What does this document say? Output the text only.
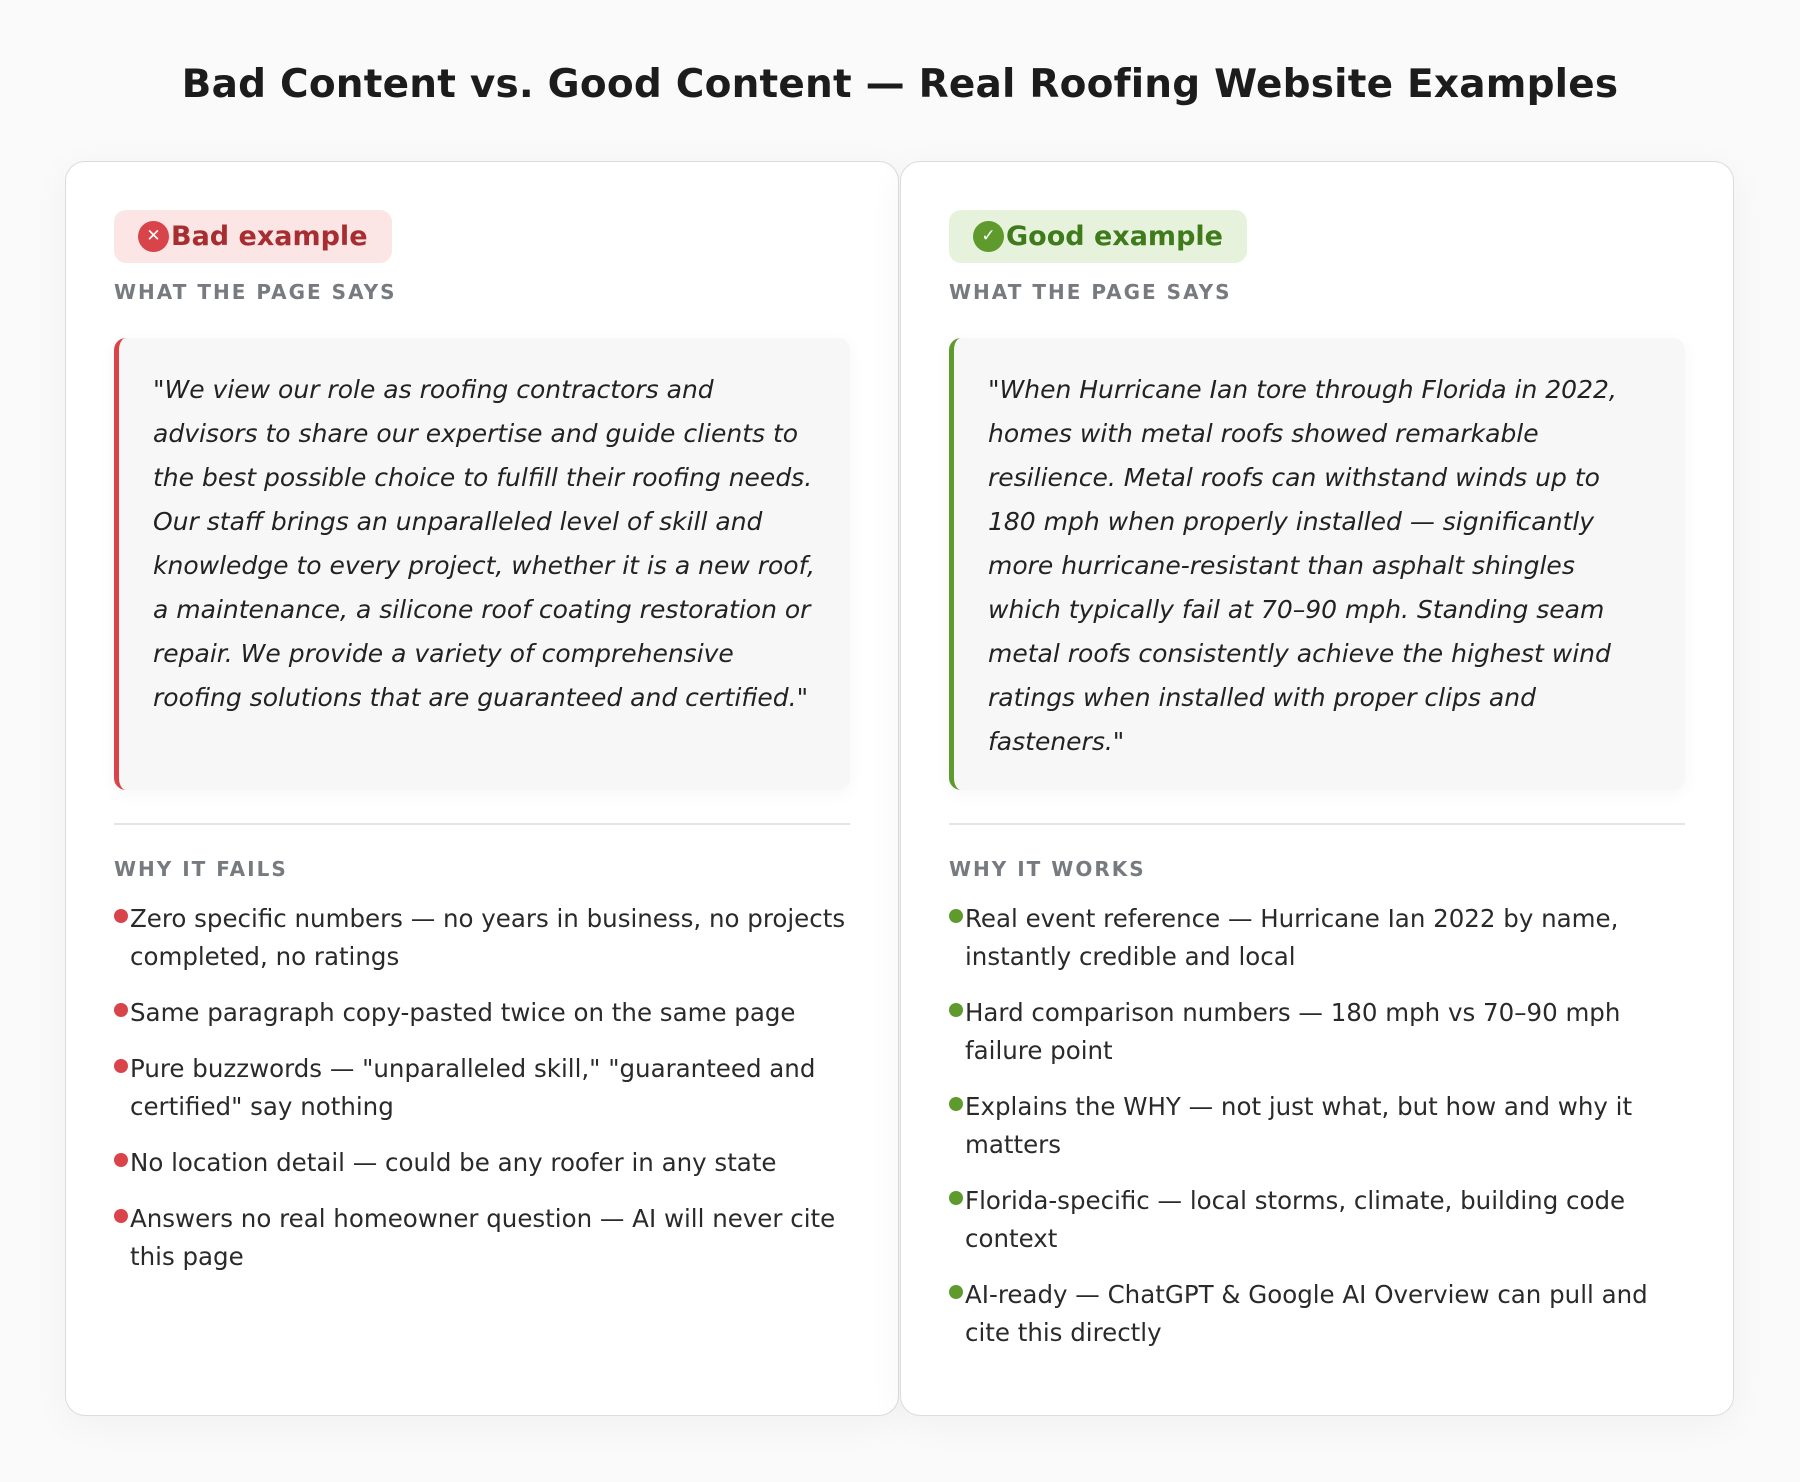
Bad Content vs. Good Content — Real Roofing Website Examples
✕ Bad example
WHAT THE PAGE SAYS
"We view our role as roofing contractors and advisors to share our expertise and guide clients to the best possible choice to fulfill their roofing needs. Our staff brings an unparalleled level of skill and knowledge to every project, whether it is a new roof, a maintenance, a silicone roof coating restoration or repair. We provide a variety of comprehensive roofing solutions that are guaranteed and certified."
WHY IT FAILS
Zero specific numbers — no years in business, no projects completed, no ratings
Same paragraph copy-pasted twice on the same page
Pure buzzwords — "unparalleled skill," "guaranteed and certified" say nothing
No location detail — could be any roofer in any state
Answers no real homeowner question — AI will never cite this page
✓ Good example
WHAT THE PAGE SAYS
"When Hurricane Ian tore through Florida in 2022, homes with metal roofs showed remarkable resilience. Metal roofs can withstand winds up to 180 mph when properly installed — significantly more hurricane-resistant than asphalt shingles which typically fail at 70–90 mph. Standing seam metal roofs consistently achieve the highest wind ratings when installed with proper clips and fasteners."
WHY IT WORKS
Real event reference — Hurricane Ian 2022 by name, instantly credible and local
Hard comparison numbers — 180 mph vs 70–90 mph failure point
Explains the WHY — not just what, but how and why it matters
Florida-specific — local storms, climate, building code context
AI-ready — ChatGPT & Google AI Overview can pull and cite this directly
